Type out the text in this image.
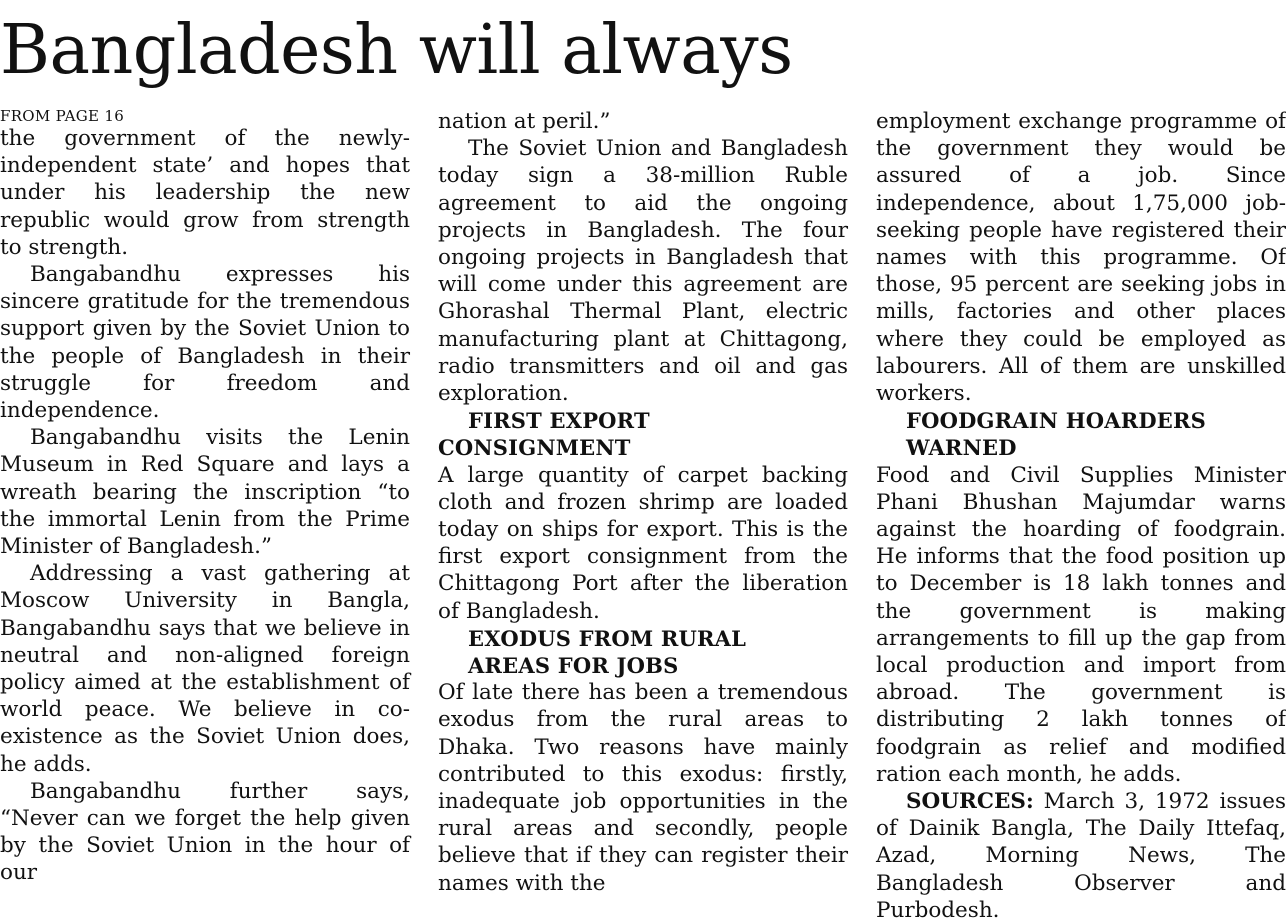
Bangladesh will always

FROM PAGE 16

the government of the newly-independent state’ and hopes that under his leadership the new republic would grow from strength to strength.

Bangabandhu expresses his sincere gratitude for the tremendous support given by the Soviet Union to the people of Bangladesh in their struggle for freedom and independence.

Bangabandhu visits the Lenin Museum in Red Square and lays a wreath bearing the inscription “to the immortal Lenin from the Prime Minister of Bangladesh.”

Addressing a vast gathering at Moscow University in Bangla, Bangabandhu says that we believe in neutral and non-aligned foreign policy aimed at the establishment of world peace. We believe in co-existence as the Soviet Union does, he adds.

Bangabandhu further says, “Never can we forget the help given by the Soviet Union in the hour of our

nation at peril.”

The Soviet Union and Bangladesh today sign a 38-million Ruble agreement to aid the ongoing projects in Bangladesh. The four ongoing projects in Bangladesh that will come under this agreement are Ghorashal Thermal Plant, electric manufacturing plant at Chittagong, radio transmitters and oil and gas exploration.

FIRST EXPORT CONSIGNMENT

A large quantity of carpet backing cloth and frozen shrimp are loaded today on ships for export. This is the first export consignment from the Chittagong Port after the liberation of Bangladesh.

EXODUS FROM RURAL

AREAS FOR JOBS

Of late there has been a tremendous exodus from the rural areas to Dhaka. Two reasons have mainly contributed to this exodus: firstly, inadequate job opportunities in the rural areas and secondly, people believe that if they can register their names with the

employment exchange programme of the government they would be assured of a job. Since independence, about 1,75,000 job-seeking people have registered their names with this programme. Of those, 95 percent are seeking jobs in mills, factories and other places where they could be employed as labourers. All of them are unskilled workers.

FOODGRAIN HOARDERS

WARNED

Food and Civil Supplies Minister Phani Bhushan Majumdar warns against the hoarding of foodgrain. He informs that the food position up to December is 18 lakh tonnes and the government is making arrangements to fill up the gap from local production and import from abroad. The government is distributing 2 lakh tonnes of foodgrain as relief and modified ration each month, he adds.

SOURCES: March 3, 1972 issues of Dainik Bangla, The Daily Ittefaq, Azad, Morning News, The Bangladesh Observer and Purbodesh.
